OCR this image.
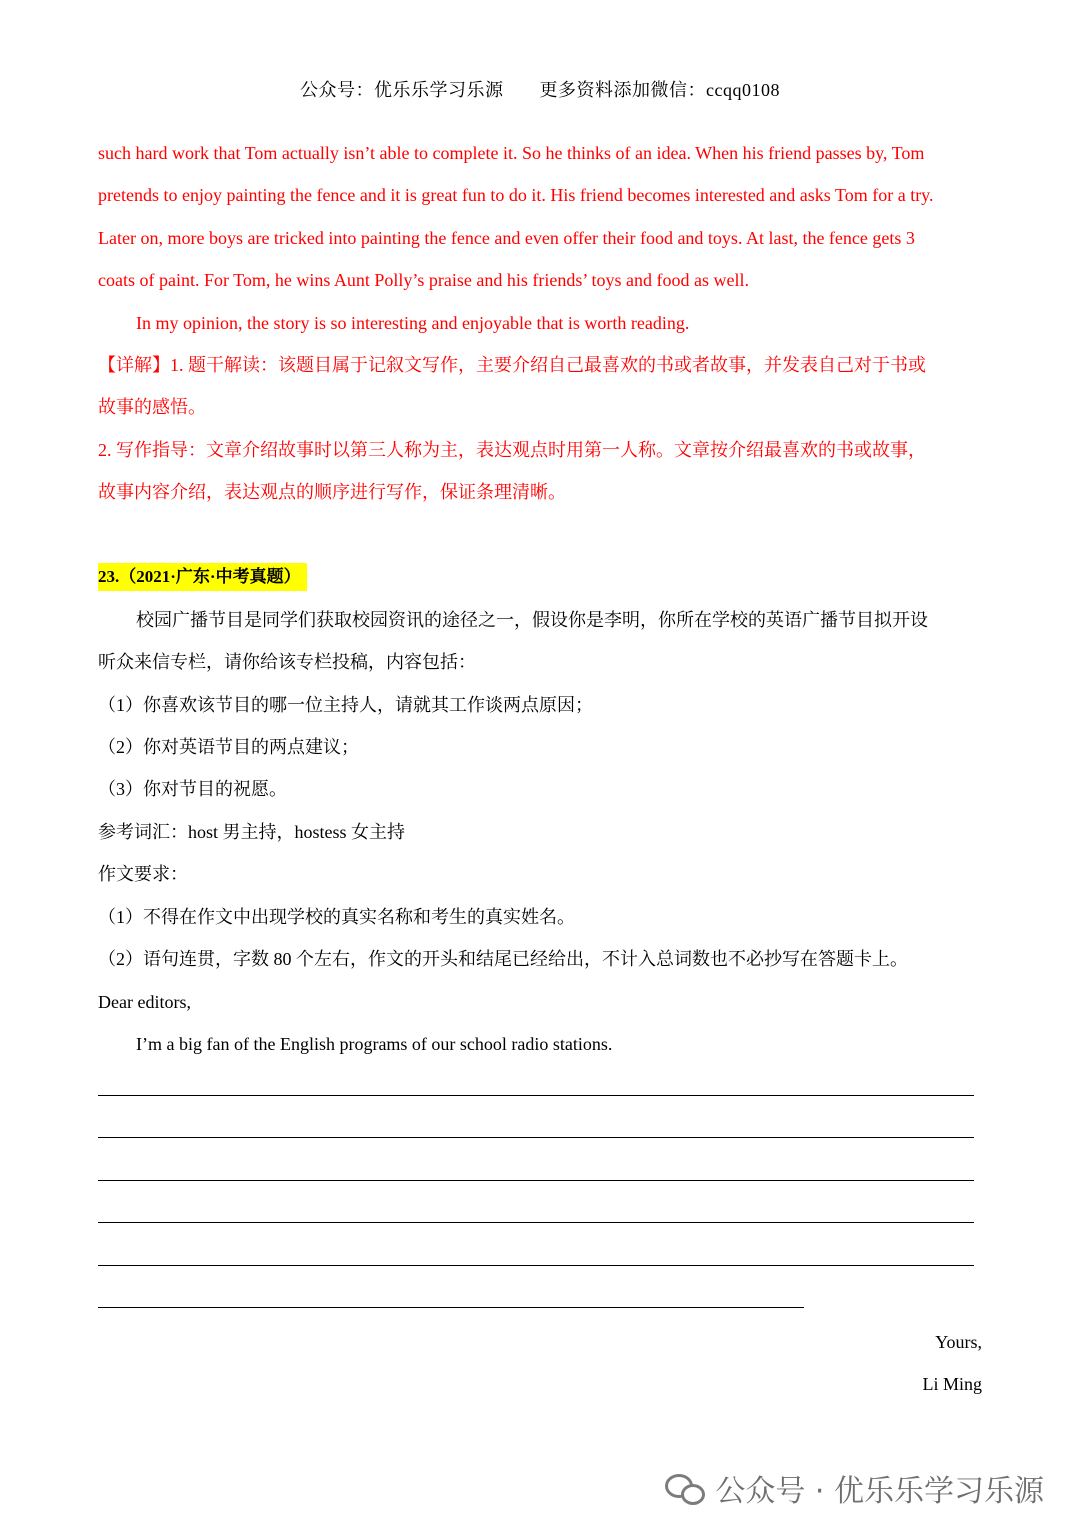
公众号：优乐乐学习乐源 更多资料添加微信：ccqq0108
such hard work that Tom actually isn’t able to complete it. So he thinks of an idea. When his friend passes by, Tom
pretends to enjoy painting the fence and it is great fun to do it. His friend becomes interested and asks Tom for a try.
Later on, more boys are tricked into painting the fence and even offer their food and toys. At last, the fence gets 3
coats of paint. For Tom, he wins Aunt Polly’s praise and his friends’ toys and food as well.
In my opinion, the story is so interesting and enjoyable that is worth reading.
【详解】1. 题干解读：该题目属于记叙文写作，主要介绍自己最喜欢的书或者故事，并发表自己对于书或
故事的感悟。
2. 写作指导：文章介绍故事时以第三人称为主，表达观点时用第一人称。文章按介绍最喜欢的书或故事，
故事内容介绍，表达观点的顺序进行写作，保证条理清晰。
23.（2021·广东·中考真题）
校园广播节目是同学们获取校园资讯的途径之一，假设你是李明，你所在学校的英语广播节目拟开设
听众来信专栏，请你给该专栏投稿，内容包括：
（1）你喜欢该节目的哪一位主持人，请就其工作谈两点原因；
（2）你对英语节目的两点建议；
（3）你对节目的祝愿。
参考词汇：host 男主持，hostess 女主持
作文要求：
（1）不得在作文中出现学校的真实名称和考生的真实姓名。
（2）语句连贯，字数 80 个左右，作文的开头和结尾已经给出，不计入总词数也不必抄写在答题卡上。
Dear editors,
I’m a big fan of the English programs of our school radio stations.
Yours,
Li Ming
公众号 · 优乐乐学习乐源
